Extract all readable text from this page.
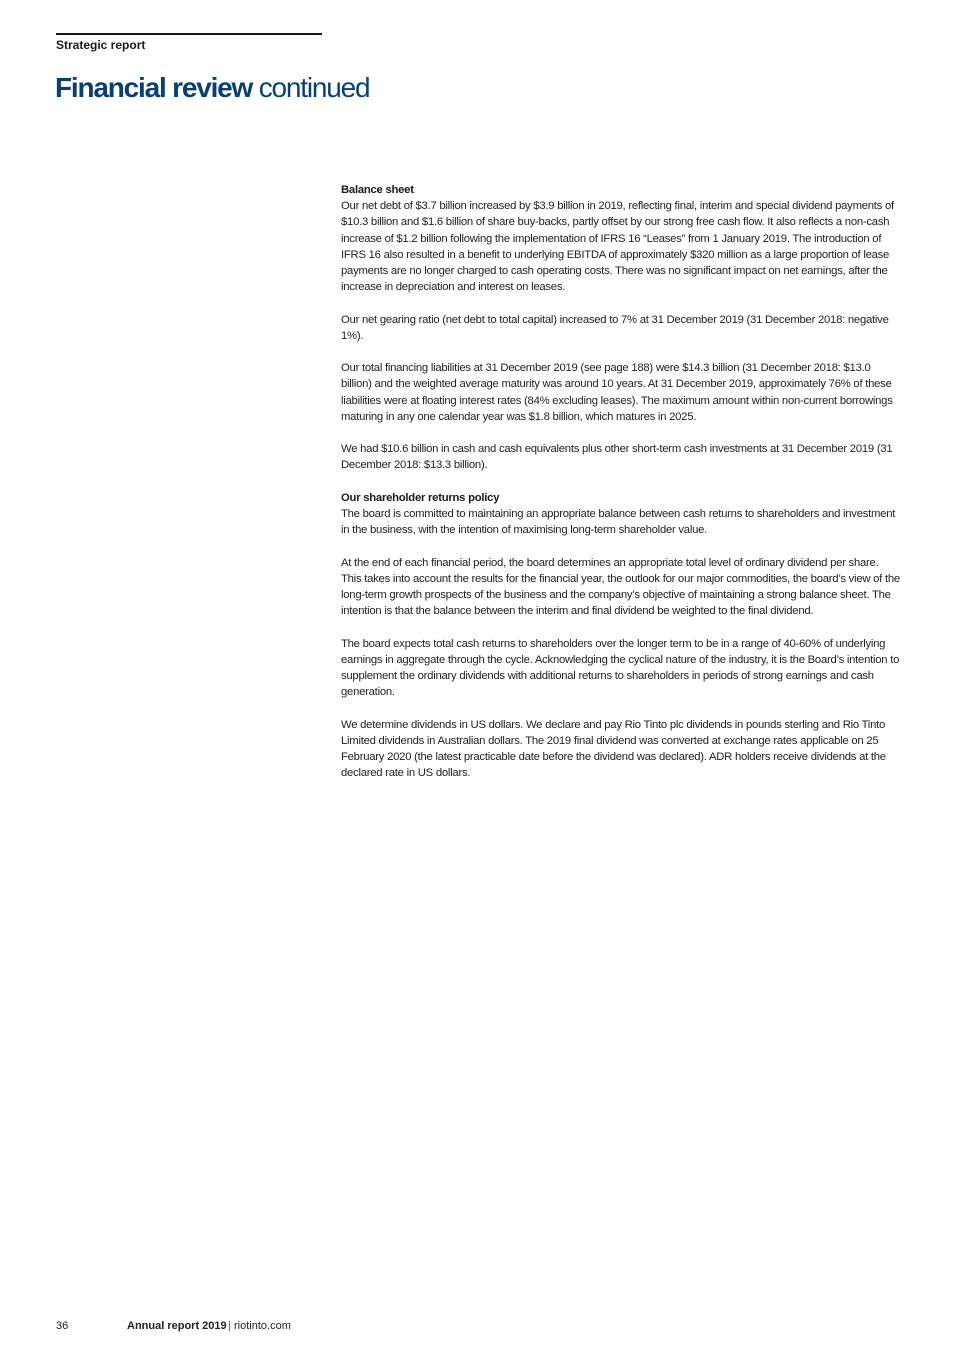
Strategic report
Financial review continued
Balance sheet

Our net debt of $3.7 billion increased by $3.9 billion in 2019, reflecting final, interim and special dividend payments of $10.3 billion and $1.6 billion of share buy-backs, partly offset by our strong free cash flow. It also reflects a non-cash increase of $1.2 billion following the implementation of IFRS 16 “Leases” from 1 January 2019. The introduction of IFRS 16 also resulted in a benefit to underlying EBITDA of approximately $320 million as a large proportion of lease payments are no longer charged to cash operating costs. There was no significant impact on net earnings, after the increase in depreciation and interest on leases.

Our net gearing ratio (net debt to total capital) increased to 7% at 31 December 2019 (31 December 2018: negative 1%).

Our total financing liabilities at 31 December 2019 (see page 188) were $14.3 billion (31 December 2018: $13.0 billion) and the weighted average maturity was around 10 years. At 31 December 2019, approximately 76% of these liabilities were at floating interest rates (84% excluding leases). The maximum amount within non-current borrowings maturing in any one calendar year was $1.8 billion, which matures in 2025.

We had $10.6 billion in cash and cash equivalents plus other short-term cash investments at 31 December 2019 (31 December 2018: $13.3 billion).

Our shareholder returns policy

The board is committed to maintaining an appropriate balance between cash returns to shareholders and investment in the business, with the intention of maximising long-term shareholder value.

At the end of each financial period, the board determines an appropriate total level of ordinary dividend per share. This takes into account the results for the financial year, the outlook for our major commodities, the board’s view of the long-term growth prospects of the business and the company’s objective of maintaining a strong balance sheet. The intention is that the balance between the interim and final dividend be weighted to the final dividend.

The board expects total cash returns to shareholders over the longer term to be in a range of 40-60% of underlying earnings in aggregate through the cycle. Acknowledging the cyclical nature of the industry, it is the Board’s intention to supplement the ordinary dividends with additional returns to shareholders in periods of strong earnings and cash generation.

We determine dividends in US dollars. We declare and pay Rio Tinto plc dividends in pounds sterling and Rio Tinto Limited dividends in Australian dollars. The 2019 final dividend was converted at exchange rates applicable on 25 February 2020 (the latest practicable date before the dividend was declared). ADR holders receive dividends at the declared rate in US dollars.

36	Annual report 2019 | riotinto.com
